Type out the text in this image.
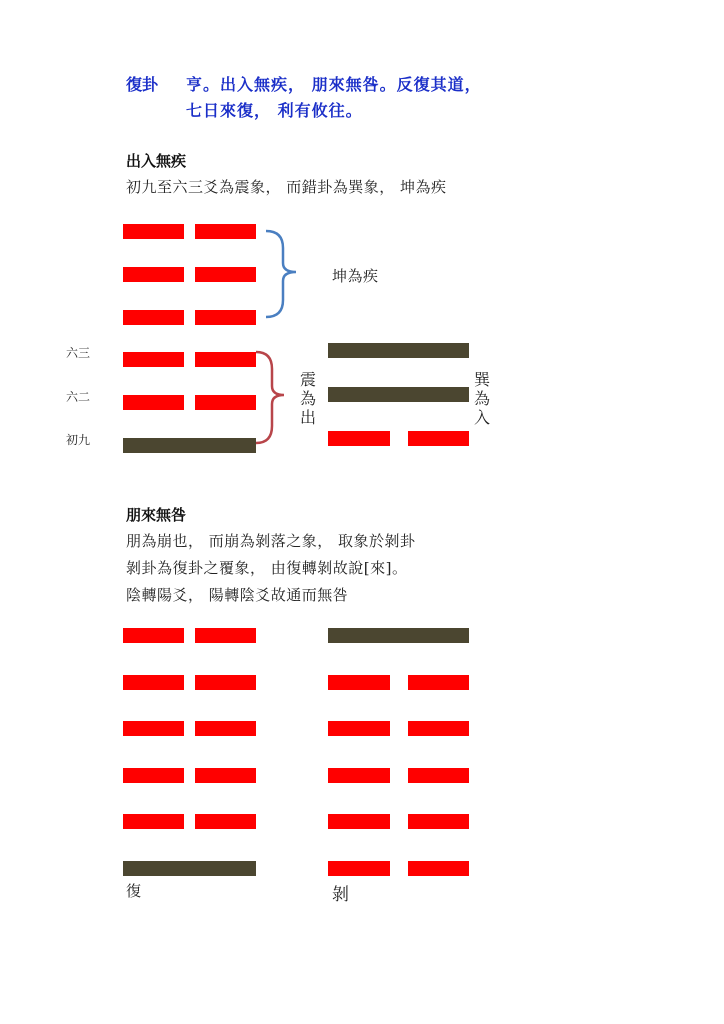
復卦 亨。出入無疾， 朋來無咎。反復其道，
七日來復， 利有攸往。
出入無疾
初九至六三爻為震象， 而錯卦為巽象， 坤為疾
六三
六二
初九
坤為疾
震
為
出
巽
為
入
朋來無咎
朋為崩也， 而崩為剝落之象， 取象於剝卦
剝卦為復卦之覆象， 由復轉剝故說[來]。
陰轉陽爻， 陽轉陰爻故通而無咎
復	剝
